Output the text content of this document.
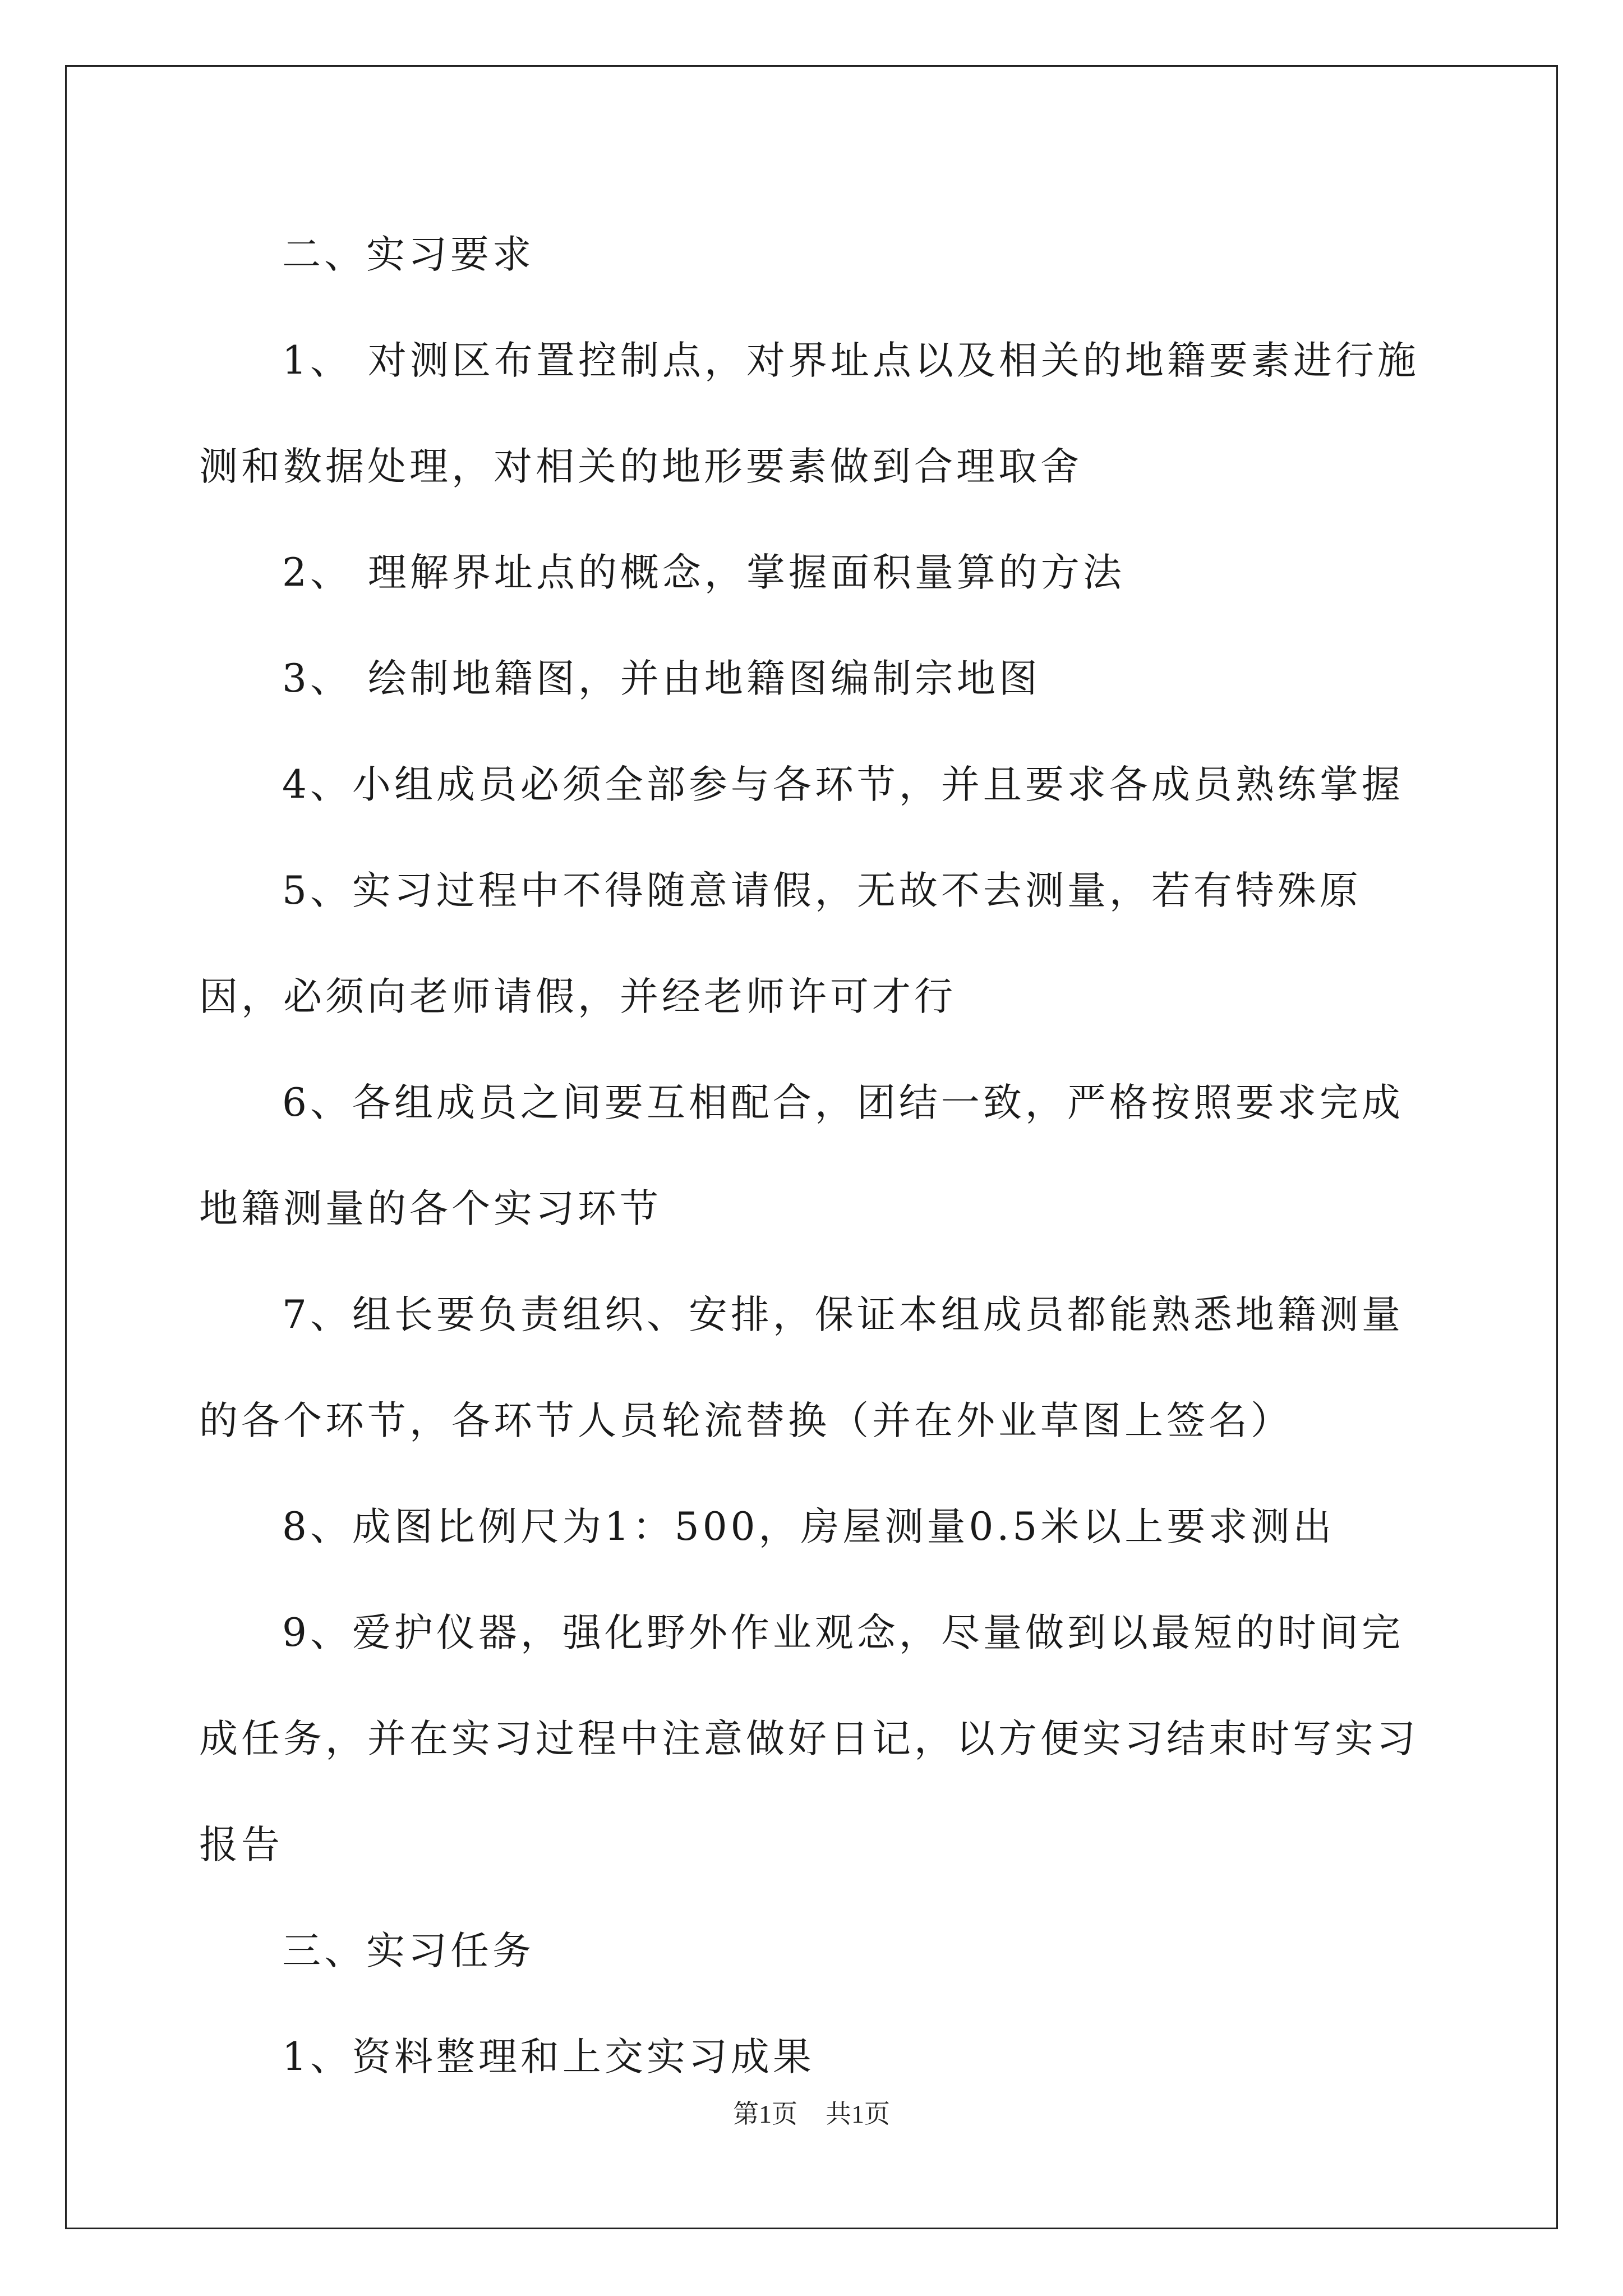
二、实习要求

1、 对测区布置控制点，对界址点以及相关的地籍要素进行施测和数据处理，对相关的地形要素做到合理取舍

2、 理解界址点的概念，掌握面积量算的方法

3、 绘制地籍图，并由地籍图编制宗地图

4、小组成员必须全部参与各环节，并且要求各成员熟练掌握

5、实习过程中不得随意请假，无故不去测量，若有特殊原因，必须向老师请假，并经老师许可才行

6、各组成员之间要互相配合，团结一致，严格按照要求完成地籍测量的各个实习环节

7、组长要负责组织、安排，保证本组成员都能熟悉地籍测量的各个环节，各环节人员轮流替换（并在外业草图上签名）

8、成图比例尺为1：500，房屋测量0.5米以上要求测出

9、爱护仪器，强化野外作业观念，尽量做到以最短的时间完成任务，并在实习过程中注意做好日记，以方便实习结束时写实习报告

三、实习任务

1、资料整理和上交实习成果

第1页 共1页
